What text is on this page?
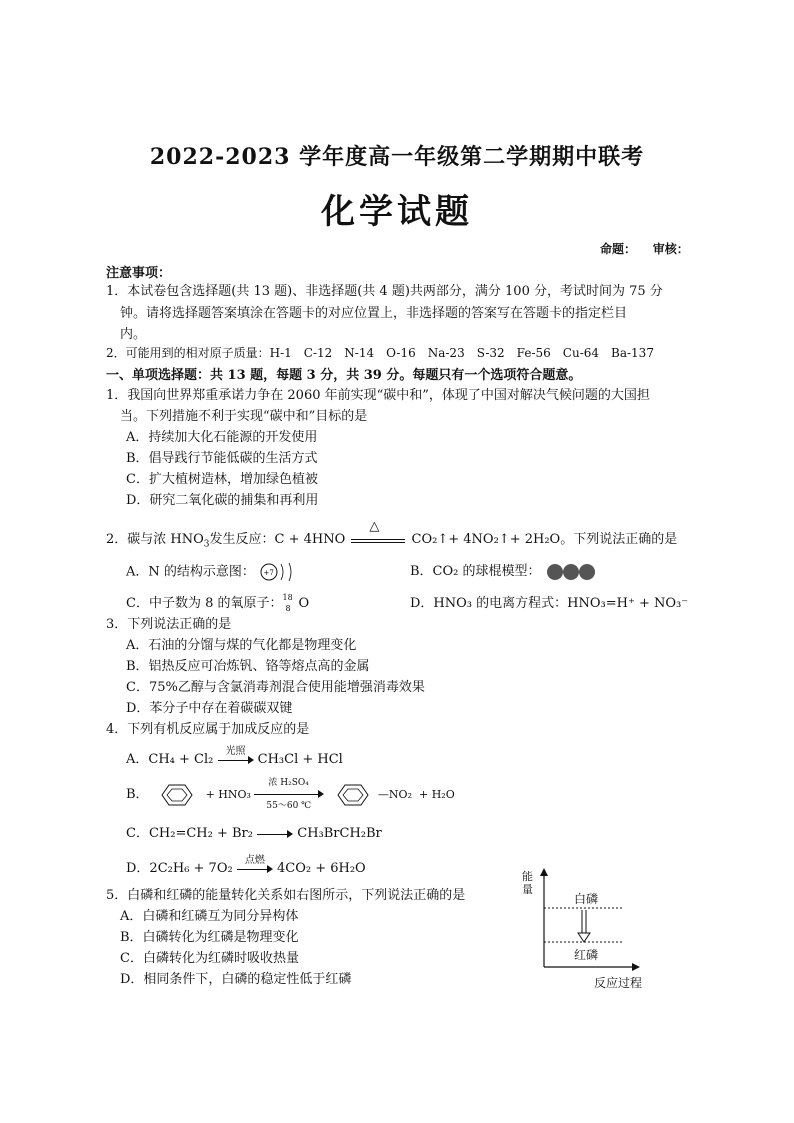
2022-2023 学年度高一年级第二学期期中联考
化学试题
命题： 审核：
注意事项：
1．本试卷包含选择题(共 13 题)、非选择题(共 4 题)共两部分，满分 100 分，考试时间为 75 分
钟。请将选择题答案填涂在答题卡的对应位置上，非选择题的答案写在答题卡的指定栏目
内。
2．可能用到的相对原子质量：H-1　C-12　N-14　O-16　Na-23　S-32　Fe-56　Cu-64　Ba-137
一、单项选择题：共 13 题，每题 3 分，共 39 分。每题只有一个选项符合题意。
1．我国向世界郑重承诺力争在 2060 年前实现“碳中和”，体现了中国对解决气候问题的大国担
当。下列措施不利于实现“碳中和”目标的是
A．持续加大化石能源的开发使用
B．倡导践行节能低碳的生活方式
C．扩大植树造林，增加绿色植被
D．研究二氧化碳的捕集和再利用
2．碳与浓 $HNO_3$发生反应：C + 4HNO
△
CO₂↑+ 4NO₂↑+ 2H₂O。下列说法正确的是
A．N 的结构示意图： +7	B．CO₂ 的球棍模型：
C．中子数为 8 的氧原子： 18
8 O	D．HNO₃ 的电离方程式：HNO₃=H⁺ + NO₃⁻
3．下列说法正确的是
A．石油的分馏与煤的气化都是物理变化
B．铝热反应可冶炼钒、铬等熔点高的金属
C．75%乙醇与含氯消毒剂混合使用能增强消毒效果
D．苯分子中存在着碳碳双键
4．下列有机反应属于加成反应的是
A．CH₄ + Cl₂
光照
CH₃Cl + HCl
B．	+ HNO₃
浓 H₂SO₄
55～60 ℃
—NO₂ + H₂O
C．CH₂=CH₂ + Br₂	CH₃BrCH₂Br
D．2C₂H₆ + 7O₂
点燃
4CO₂ + 6H₂O
5．白磷和红磷的能量转化关系如右图所示，下列说法正确的是
A．白磷和红磷互为同分异构体
B．白磷转化为红磷是物理变化
C．白磷转化为红磷时吸收热量
D．相同条件下，白磷的稳定性低于红磷
能量
白磷
红磷
反应过程
